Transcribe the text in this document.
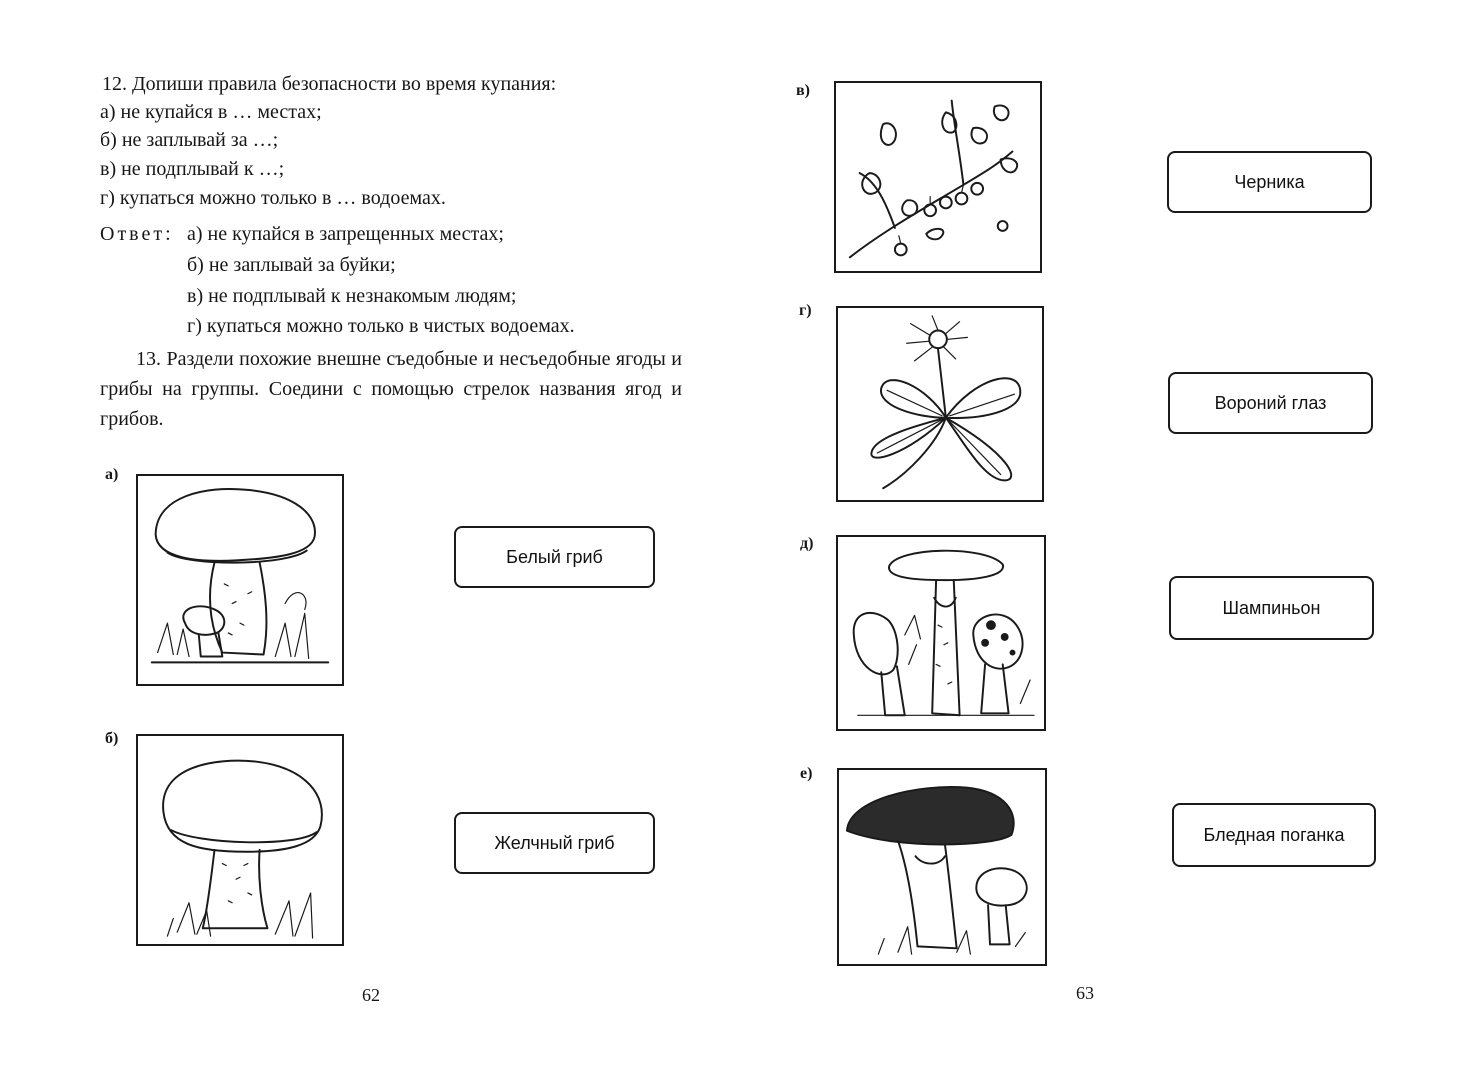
12. Допиши правила безопасности во время купания:
а) не купайся в … местах;
б) не заплывай за …;
в) не подплывай к …;
г) купаться можно только в … водоемах.
Ответ: а) не купайся в запрещенных местах;
б) не заплывай за буйки;
в) не подплывай к незнакомым людям;
г) купаться можно только в чистых водоемах.
13. Раздели похожие внешне съедобные и несъедобные ягоды и грибы на группы. Соедини с помощью стрелок названия ягод и грибов.
а)
Белый гриб
б)
Желчный гриб
62
в)
Черника
г)
Вороний глаз
д)
Шампиньон
е)
Бледная поганка
63
